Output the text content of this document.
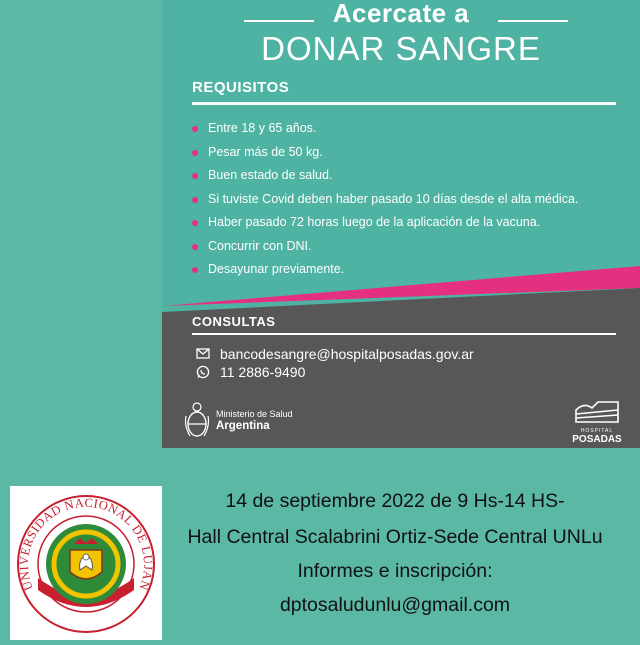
Acercate a
DONAR SANGRE
REQUISITOS
Entre 18 y 65 años.
Pesar más de 50 kg.
Buen estado de salud.
Si tuviste Covid deben haber pasado 10 días desde el alta médica.
Haber pasado 72 horas luego de la aplicación de la vacuna.
Concurrir con DNI.
Desayunar previamente.
CONSULTAS
bancodesangre@hospitalposadas.gov.ar
11 2886-9490
Ministerio de Salud
Argentina	HOSPITAL
POSADAS
UNIVERSIDAD NACIONAL DE LUJAN
14 de septiembre 2022 de 9 Hs-14 HS-
Hall Central Scalabrini Ortiz-Sede Central UNLu
Informes e inscripción:
dptosaludunlu@gmail.com
